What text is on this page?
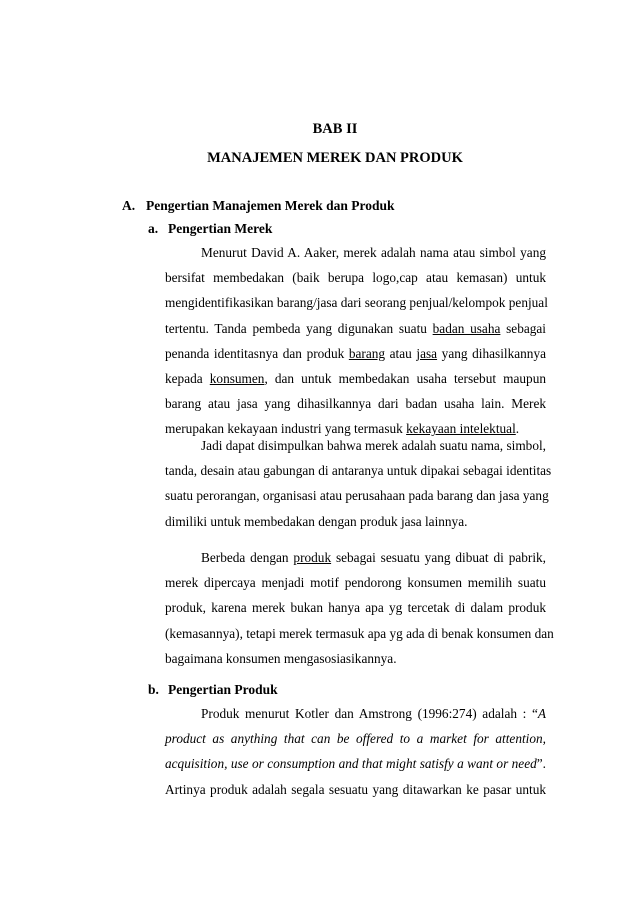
BAB II
MANAJEMEN MEREK DAN PRODUK
A. Pengertian Manajemen Merek dan Produk
a. Pengertian Merek
Menurut David A. Aaker, merek adalah nama atau simbol yang
bersifat membedakan (baik berupa logo,cap atau kemasan) untuk
mengidentifikasikan barang/jasa dari seorang penjual/kelompok penjual
tertentu. Tanda pembeda yang digunakan suatu badan usaha sebagai
penanda identitasnya dan produk barang atau jasa yang dihasilkannya
kepada konsumen, dan untuk membedakan usaha tersebut maupun
barang atau jasa yang dihasilkannya dari badan usaha lain. Merek
merupakan kekayaan industri yang termasuk kekayaan intelektual.
Jadi dapat disimpulkan bahwa merek adalah suatu nama, simbol,
tanda, desain atau gabungan di antaranya untuk dipakai sebagai identitas
suatu perorangan, organisasi atau perusahaan pada barang dan jasa yang
dimiliki untuk membedakan dengan produk jasa lainnya.
Berbeda dengan produk sebagai sesuatu yang dibuat di pabrik,
merek dipercaya menjadi motif pendorong konsumen memilih suatu
produk, karena merek bukan hanya apa yg tercetak di dalam produk
(kemasannya), tetapi merek termasuk apa yg ada di benak konsumen dan
bagaimana konsumen mengasosiasikannya.
b. Pengertian Produk
Produk menurut Kotler dan Amstrong (1996:274) adalah : “A
product as anything that can be offered to a market for attention,
acquisition, use or consumption and that might satisfy a want or need”.
Artinya produk adalah segala sesuatu yang ditawarkan ke pasar untuk
